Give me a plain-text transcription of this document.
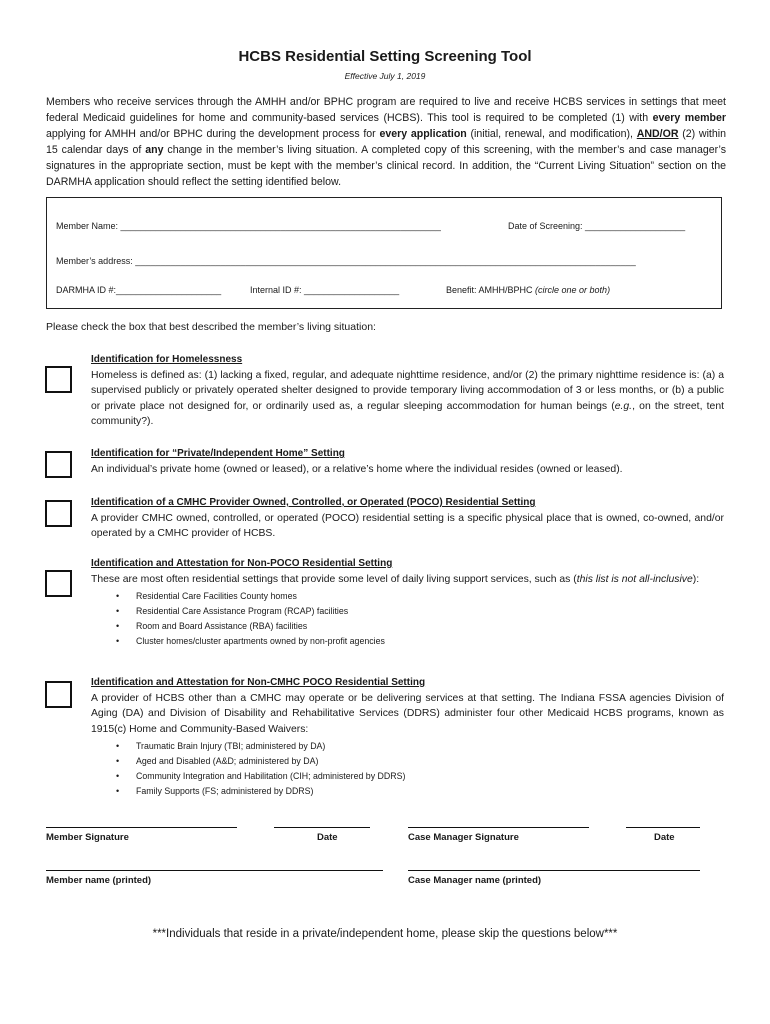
HCBS Residential Setting Screening Tool
Effective July 1, 2019
Members who receive services through the AMHH and/or BPHC program are required to live and receive HCBS services in settings that meet federal Medicaid guidelines for home and community-based services (HCBS). This tool is required to be completed (1) with every member applying for AMHH and/or BPHC during the development process for every application (initial, renewal, and modification), AND/OR (2) within 15 calendar days of any change in the member’s living situation. A completed copy of this screening, with the member’s and case manager’s signatures in the appropriate section, must be kept with the member’s clinical record. In addition, the “Current Living Situation” section on the DARMHA application should reflect the setting identified below.
Member Name: ________________________________________________________________	Date of Screening: ____________________
Member’s address: ____________________________________________________________________________________________________
DARMHA ID #:_____________________	Internal ID #: ___________________	Benefit: AMHH/BPHC (circle one or both)
Please check the box that best described the member’s living situation:
Identification for Homelessness
Homeless is defined as: (1) lacking a fixed, regular, and adequate nighttime residence, and/or (2) the primary nighttime residence is: (a) a supervised publicly or privately operated shelter designed to provide temporary living accommodation of 3 or less months, or (b) a public or private place not designed for, or ordinarily used as, a regular sleeping accommodation for human beings (e.g., on the street, tent community?).
Identification for “Private/Independent Home” Setting
An individual’s private home (owned or leased), or a relative’s home where the individual resides (owned or leased).
Identification of a CMHC Provider Owned, Controlled, or Operated (POCO) Residential Setting
A provider CMHC owned, controlled, or operated (POCO) residential setting is a specific physical place that is owned, co-owned, and/or operated by a CMHC provider of HCBS.
Identification and Attestation for Non-POCO Residential Setting
These are most often residential settings that provide some level of daily living support services, such as (this list is not all-inclusive):
• Residential Care Facilities County homes
• Residential Care Assistance Program (RCAP) facilities
• Room and Board Assistance (RBA) facilities
• Cluster homes/cluster apartments owned by non-profit agencies
Identification and Attestation for Non-CMHC POCO Residential Setting
A provider of HCBS other than a CMHC may operate or be delivering services at that setting. The Indiana FSSA agencies Division of Aging (DA) and Division of Disability and Rehabilitative Services (DDRS) administer four other Medicaid HCBS programs, known as 1915(c) Home and Community-Based Waivers:
• Traumatic Brain Injury (TBI; administered by DA)
• Aged and Disabled (A&D; administered by DA)
• Community Integration and Habilitation (CIH; administered by DDRS)
• Family Supports (FS; administered by DDRS)
Member Signature	Date	Case Manager Signature	Date
Member name (printed)	Case Manager name (printed)
***Individuals that reside in a private/independent home, please skip the questions below***
